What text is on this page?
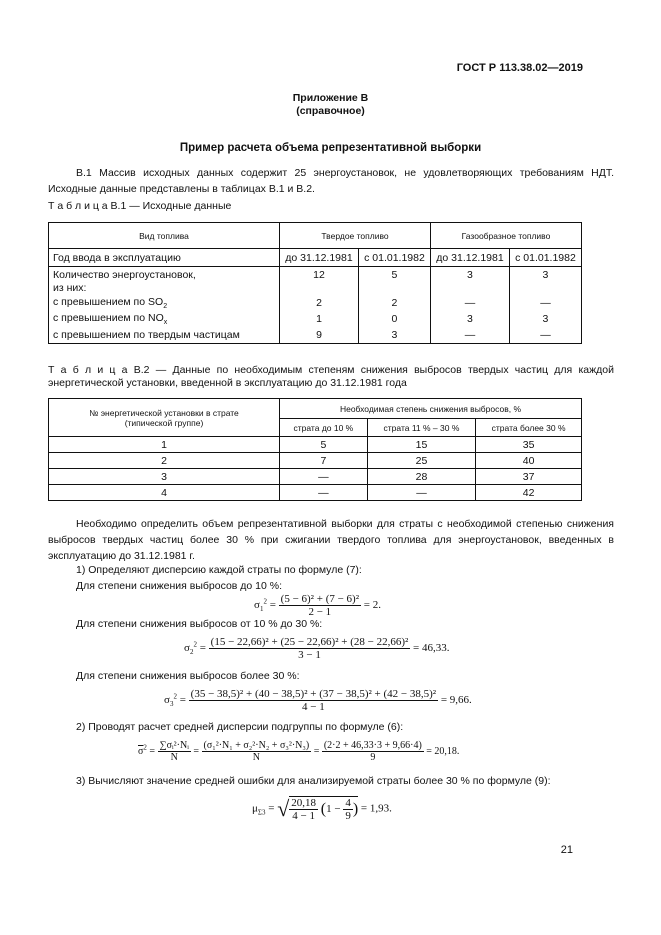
ГОСТ Р 113.38.02—2019
Приложение В
(справочное)
Пример расчета объема репрезентативной выборки
В.1 Массив исходных данных содержит 25 энергоустановок, не удовлетворяющих требованиям НДТ. Исходные данные представлены в таблицах В.1 и В.2.
Т а б л и ц а В.1 — Исходные данные
Вид топлива	Твердое топливо		Газообразное топливо	
Год ввода в эксплуатацию	до 31.12.1981	с 01.01.1982	до 31.12.1981	с 01.01.1982
Количество энергоустановок,
из них:	12	5	3	3
с превышением по $SO_2$	2	2	—	—
с превышением по $NO_x$	1	0	3	3
с превышением по твердым частицам	9	3	—	—
Т а б л и ц а В.2 — Данные по необходимым степеням снижения выбросов твердых частиц для каждой энергетической установки, введенной в эксплуатацию до 31.12.1981 года
№ энергетической установки в страте
(типической группе)	Необходимая степень снижения выбросов, %		
	страта до 10 %	страта 11 % – 30 %	страта более 30 %
1	5	15	35
2	7	25	40
3	—	28	37
4	—	—	42
Необходимо определить объем репрезентативной выборки для страты с необходимой степенью снижения выбросов твердых частиц более 30 % при сжигании твердого топлива для энергоустановок, введенных в эксплуатацию до 31.12.1981 г.
1) Определяют дисперсию каждой страты по формуле (7):
Для степени снижения выбросов до 10 %:
$\sigma_1^2 = \frac{\text{(5 − 6)² + (7 − 6)²}}{2 - 1} = 2$.
Для степени снижения выбросов от 10 % до 30 %:
$\sigma_2^2 = \frac{\text{(15 − 22,66)² + (25 − 22,66)² + (28 − 22,66)²}}{3 - 1} = 46,33$.
Для степени снижения выбросов более 30 %:
$\sigma_3^2 = \frac{\text{(35 − 38,5)² + (40 − 38,5)² + (37 − 38,5)² + (42 − 38,5)²}}{4 - 1} = 9,66$.
2) Проводят расчет средней дисперсии подгруппы по формуле (6):
$\overline{\sigma}^2 = \frac{\text{∑σᵢ²·Nᵢ}}{N} = \frac{\text{(σ₁²·N₁ + σ₂²·N₂ + σ₃²·N₃)}}{N} = \frac{(2\cdot 2 + 46,33\cdot 3 + 9,66\cdot 4)}{9} = 20,18$.
3) Вычисляют значение средней ошибки для анализируемой страты более 30 % по формуле (9):
$\mu_{\Sigma 3}$ = √ $\frac{20,18}{4 - 1} (1 - \frac{4}{9}$ ) = 1,93.
21
